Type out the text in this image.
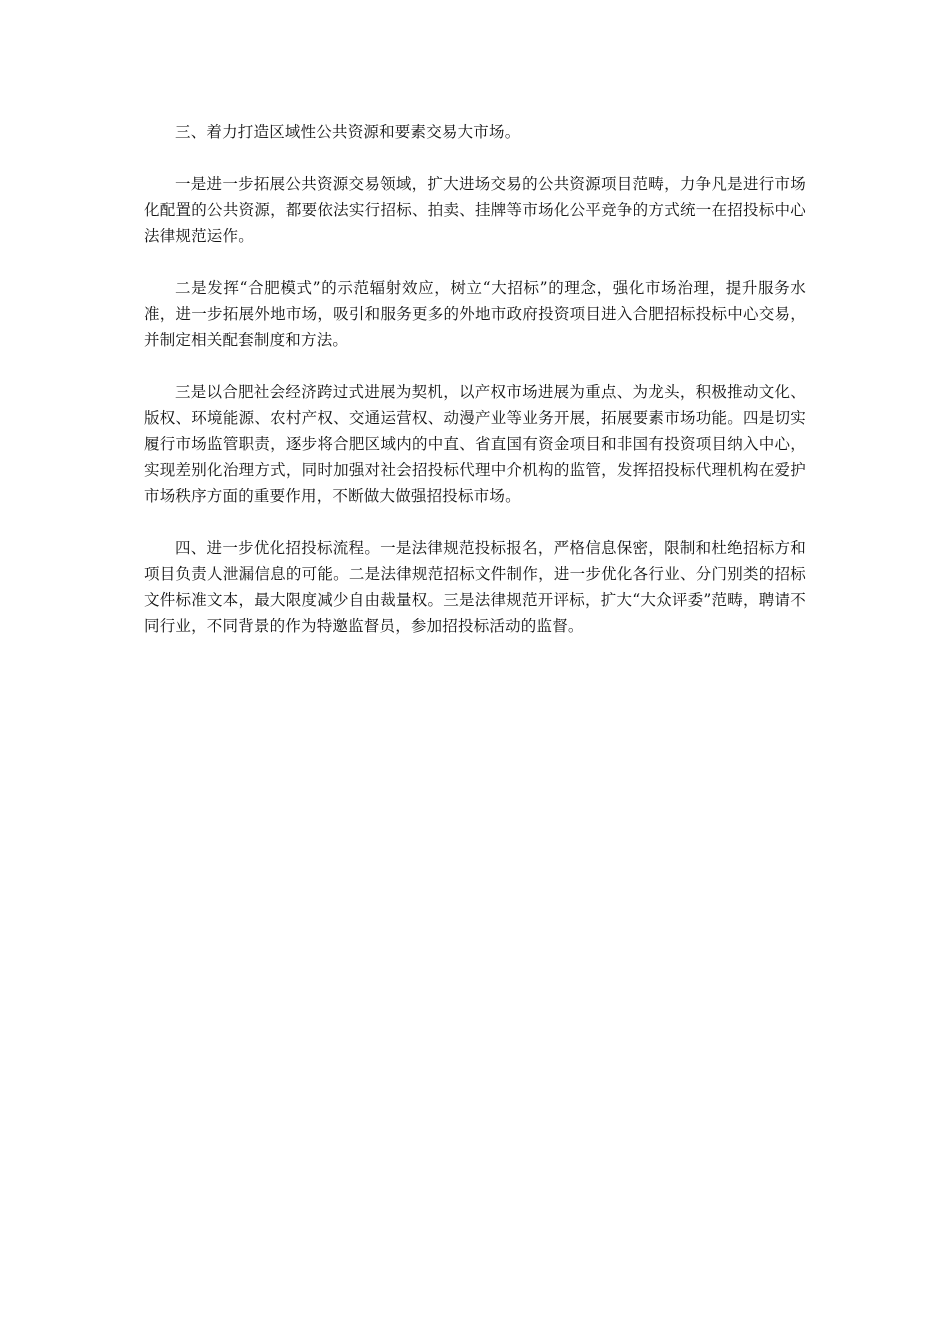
三、着力打造区域性公共资源和要素交易大市场。

一是进一步拓展公共资源交易领域，扩大进场交易的公共资源项目范畴，力争凡是进行市场化配置的公共资源，都要依法实行招标、拍卖、挂牌等市场化公平竞争的方式统一在招投标中心法律规范运作。

二是发挥“合肥模式”的示范辐射效应，树立“大招标”的理念，强化市场治理，提升服务水准，进一步拓展外地市场，吸引和服务更多的外地市政府投资项目进入合肥招标投标中心交易，并制定相关配套制度和方法。

三是以合肥社会经济跨过式进展为契机，以产权市场进展为重点、为龙头，积极推动文化、版权、环境能源、农村产权、交通运营权、动漫产业等业务开展，拓展要素市场功能。四是切实履行市场监管职责，逐步将合肥区域内的中直、省直国有资金项目和非国有投资项目纳入中心，实现差别化治理方式，同时加强对社会招投标代理中介机构的监管，发挥招投标代理机构在爱护市场秩序方面的重要作用，不断做大做强招投标市场。

四、进一步优化招投标流程。一是法律规范投标报名，严格信息保密，限制和杜绝招标方和项目负责人泄漏信息的可能。二是法律规范招标文件制作，进一步优化各行业、分门别类的招标文件标准文本，最大限度减少自由裁量权。三是法律规范开评标，扩大“大众评委”范畴，聘请不同行业，不同背景的作为特邀监督员，参加招投标活动的监督。
